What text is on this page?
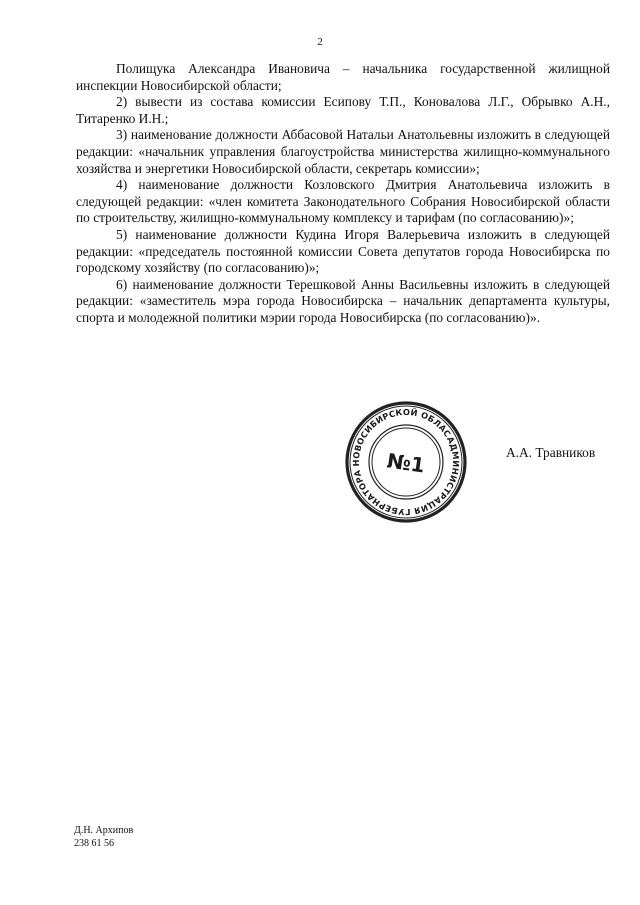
2

Полищука Александра Ивановича – начальника государственной жилищной инспекции Новосибирской области;

2) вывести из состава комиссии Есипову Т.П., Коновалова Л.Г., Обрывко А.Н., Титаренко И.Н.;

3) наименование должности Аббасовой Натальи Анатольевны изложить в следующей редакции: «начальник управления благоустройства министерства жилищно-коммунального хозяйства и энергетики Новосибирской области, секретарь комиссии»;

4) наименование должности Козловского Дмитрия Анатольевича изложить в следующей редакции: «член комитета Законодательного Собрания Новосибирской области по строительству, жилищно-коммунальному комплексу и тарифам (по согласованию)»;

5) наименование должности Кудина Игоря Валерьевича изложить в следующей редакции: «председатель постоянной комиссии Совета депутатов города Новосибирска по городскому хозяйству (по согласованию)»;

6) наименование должности Терешковой Анны Васильевны изложить в следующей редакции: «заместитель мэра города Новосибирска – начальник департамента культуры, спорта и молодежной политики мэрии города Новосибирска (по согласованию)».

АДМИНИСТРАЦИЯ ГУБЕРНАТОРА НОВОСИБИРСКОЙ ОБЛАС
№1	А.А. Травников
Д.Н. Архипов
238 61 56
